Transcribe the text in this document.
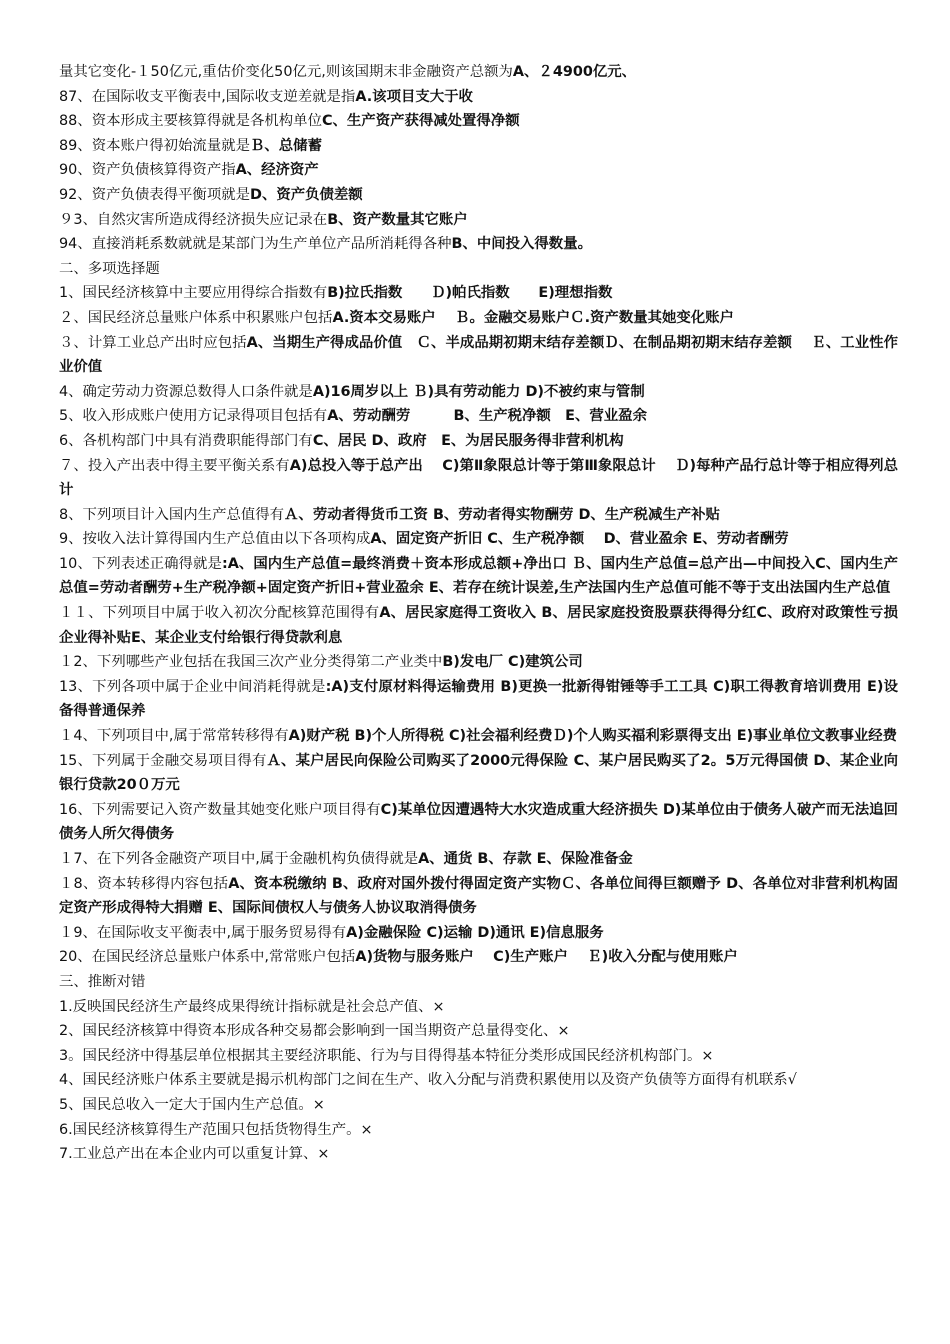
量其它变化-１50亿元,重估价变化50亿元,则该国期末非金融资产总额为A、２4900亿元、
87、在国际收支平衡表中,国际收支逆差就是指A.该项目支大于收
88、资本形成主要核算得就是各机构单位C、生产资产获得减处置得净额
89、资本账户得初始流量就是Ｂ、总储蓄
90、资产负债核算得资产指A、经济资产
92、资产负债表得平衡项就是D、资产负债差额
９3、自然灾害所造成得经济损失应记录在B、资产数量其它账户
94、直接消耗系数就就是某部门为生产单位产品所消耗得各种B、中间投入得数量。
二、多项选择题
1、国民经济核算中主要应用得综合指数有B)拉氏指数　　Ｄ)帕氏指数　　E)理想指数
２、国民经济总量账户体系中积累账户包括A.资本交易账户　 Ｂ。金融交易账户Ｃ.资产数量其她变化账户
３、计算工业总产出时应包括A、当期生产得成品价值　Ｃ、半成品期初期末结存差额Ｄ、在制品期初期末结存差额　 Ｅ、工业性作业价值
4、确定劳动力资源总数得人口条件就是A)16周岁以上 Ｂ)具有劳动能力 D)不被约束与管制
5、收入形成账户使用方记录得项目包括有A、劳动酬劳　　　B、生产税净额　E、营业盈余
6、各机构部门中具有消费职能得部门有C、居民 D、政府　E、为居民服务得非营利机构
７、投入产出表中得主要平衡关系有A)总投入等于总产出　 C)第Ⅱ象限总计等于第Ⅲ象限总计　 Ｄ)每种产品行总计等于相应得列总计
8、下列项目计入国内生产总值得有Ａ、劳动者得货币工资 B、劳动者得实物酬劳 D、生产税减生产补贴
9、按收入法计算得国内生产总值由以下各项构成A、固定资产折旧 C、生产税净额　 D、营业盈余 E、劳动者酬劳
10、下列表述正确得就是:A、国内生产总值=最终消费＋资本形成总额+净出口 Ｂ、国内生产总值=总产出—中间投入C、国内生产总值=劳动者酬劳+生产税净额+固定资产折旧+营业盈余 E、若存在统计误差,生产法国内生产总值可能不等于支出法国内生产总值
１１、下列项目中属于收入初次分配核算范围得有A、居民家庭得工资收入 B、居民家庭投资股票获得得分红C、政府对政策性亏损企业得补贴E、某企业支付给银行得贷款利息
１2、下列哪些产业包括在我国三次产业分类得第二产业类中B)发电厂 C)建筑公司
13、下列各项中属于企业中间消耗得就是:A)支付原材料得运输费用 B)更换一批新得钳锤等手工工具 C)职工得教育培训费用 E)设备得普通保养
１4、下列项目中,属于常常转移得有A)财产税 B)个人所得税 C)社会福利经费Ｄ)个人购买福利彩票得支出 E)事业单位文教事业经费
15、下列属于金融交易项目得有Ａ、某户居民向保险公司购买了2000元得保险 C、某户居民购买了2。5万元得国债 D、某企业向银行贷款20０万元
16、下列需要记入资产数量其她变化账户项目得有C)某单位因遭遇特大水灾造成重大经济损失 D)某单位由于债务人破产而无法追回债务人所欠得债务
１7、在下列各金融资产项目中,属于金融机构负债得就是A、通货 B、存款 E、保险准备金
１8、资本转移得内容包括A、资本税缴纳 B、政府对国外拨付得固定资产实物Ｃ、各单位间得巨额赠予 D、各单位对非营利机构固定资产形成得特大捐赠 E、国际间债权人与债务人协议取消得债务
１9、在国际收支平衡表中,属于服务贸易得有A)金融保险 C)运输 D)通讯 E)信息服务
20、在国民经济总量账户体系中,常常账户包括A)货物与服务账户　 C)生产账户　 Ｅ)收入分配与使用账户
三、推断对错
1.反映国民经济生产最终成果得统计指标就是社会总产值、×
2、国民经济核算中得资本形成各种交易都会影响到一国当期资产总量得变化、×
3。国民经济中得基层单位根据其主要经济职能、行为与目得得基本特征分类形成国民经济机构部门。×
4、国民经济账户体系主要就是揭示机构部门之间在生产、收入分配与消费积累使用以及资产负债等方面得有机联系√
5、国民总收入一定大于国内生产总值。×
6.国民经济核算得生产范围只包括货物得生产。×
7.工业总产出在本企业内可以重复计算、×
